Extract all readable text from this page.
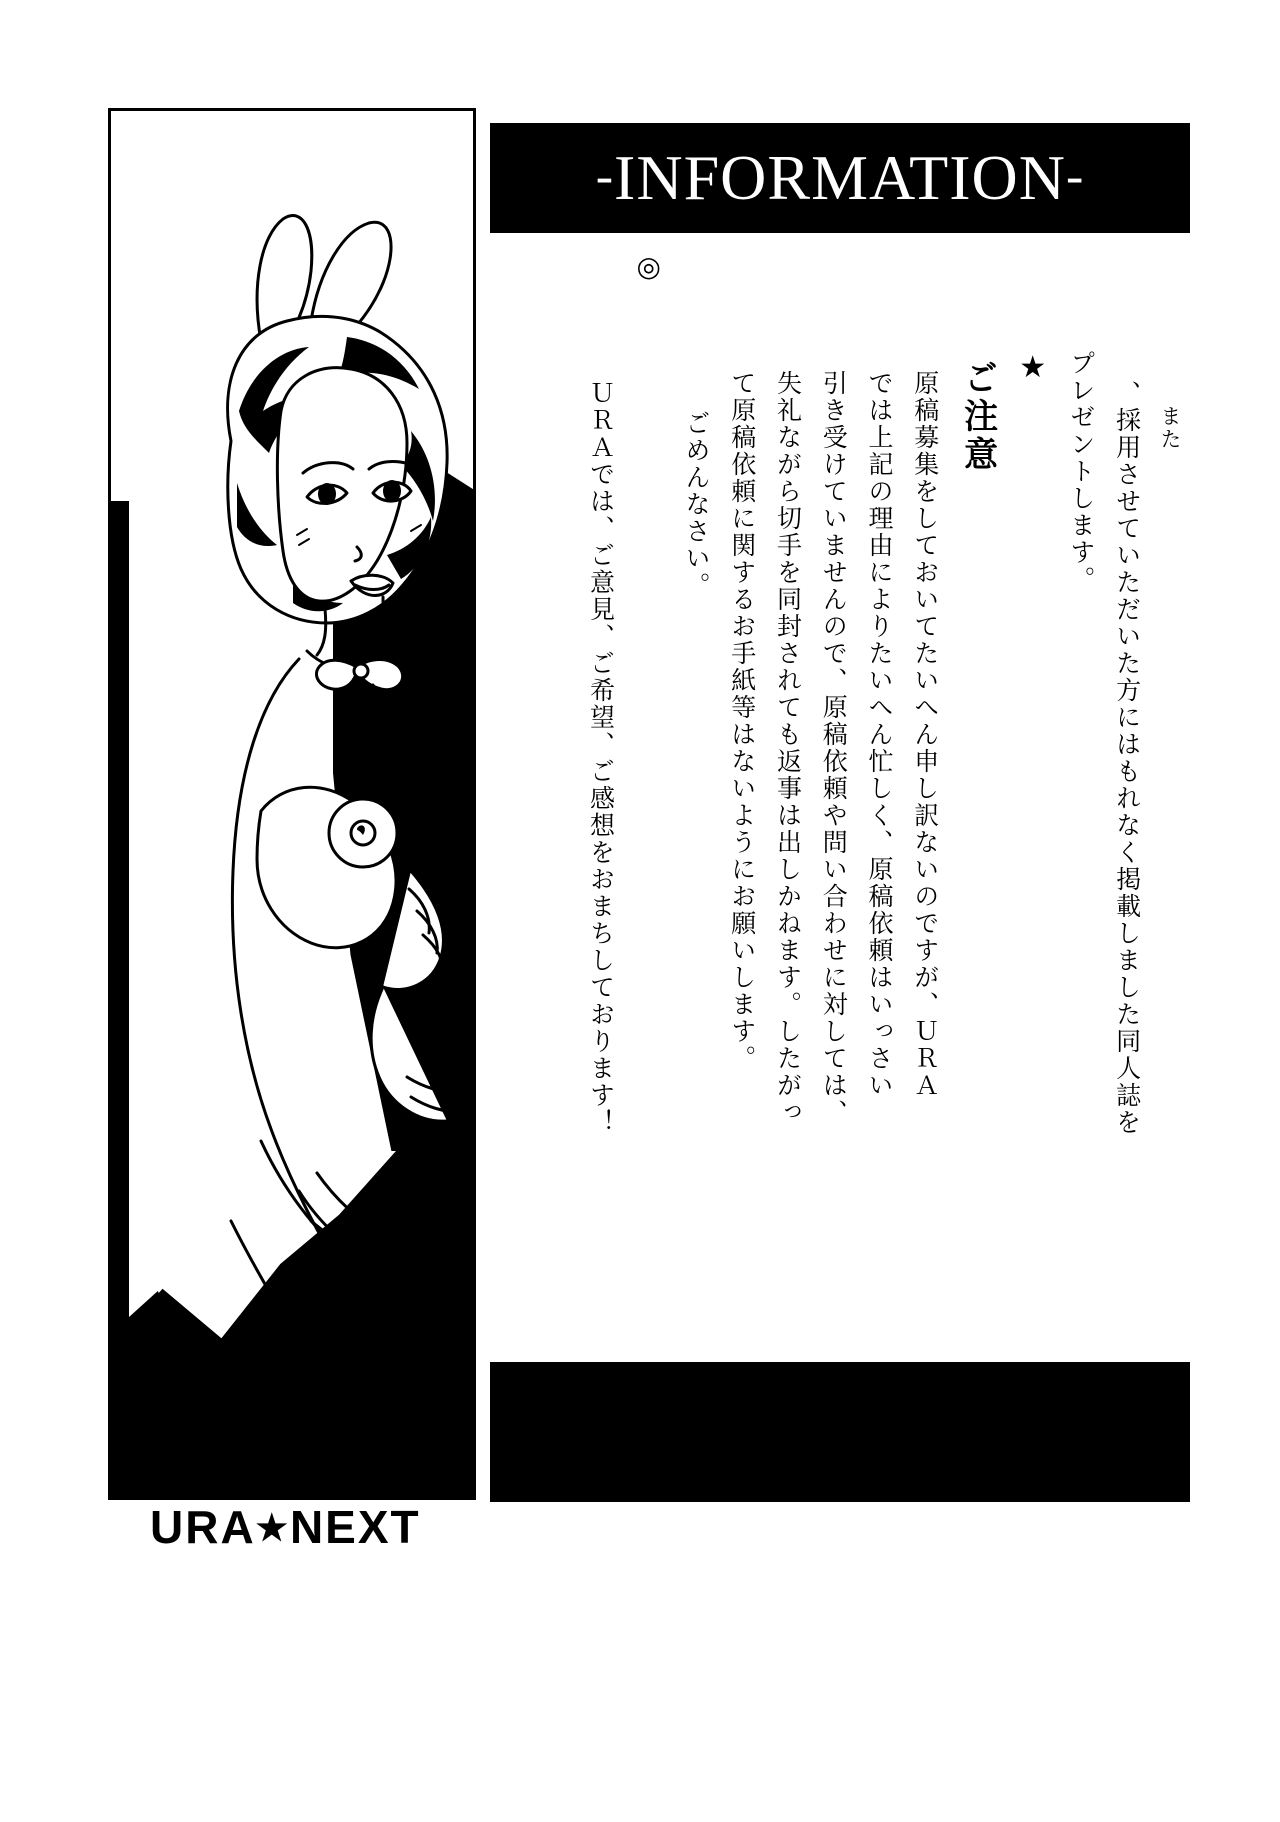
URA★NEXT
-INFORMATION-
また
、採用させていただいた方にはもれなく掲載しました同人誌を
プレゼントします。
★
ご注意
原稿募集をしておいてたいへん申し訳ないのですが、ＵＲＡ
では上記の理由によりたいへん忙しく、原稿依頼はいっさい
引き受けていませんので、原稿依頼や問い合わせに対しては、
失礼ながら切手を同封されても返事は出しかねます。したがっ
て原稿依頼に関するお手紙等はないようにお願いします。
ごめんなさい。
◎
ＵＲＡでは、ご意見、ご希望、ご感想をおまちしております！
